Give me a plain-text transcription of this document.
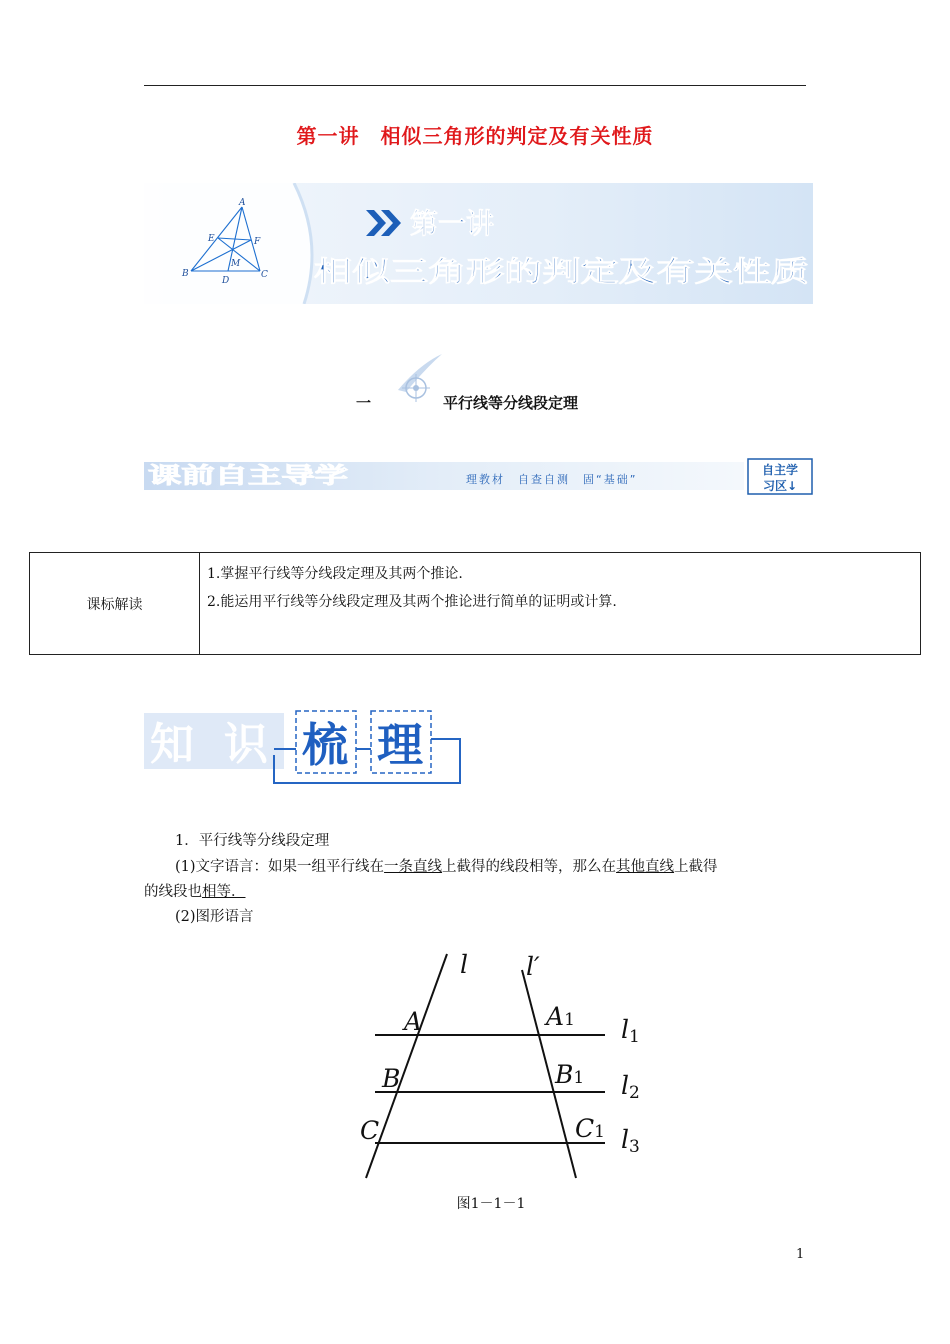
第一讲　相似三角形的判定及有关性质
A
E	F
M
B
D
C
第一讲
相似三角形的判定及有关性质
一	平行线等分线段定理
课前自主导学	理教材　自查自测　固“基础”
自主学
习区↓
课标解读	
1.掌握平行线等分线段定理及其两个推论.
2.能运用平行线等分线段定理及其两个推论进行简单的证明或计算.
知 识 梳 理
1．平行线等分线段定理
(1)文字语言：如果一组平行线在一条直线上截得的线段相等，那么在其他直线上截得
的线段也相等．
(2)图形语言
l l′
A	A1 l1
B	B1 l2
C	C1 l3
图1－1－1
1
